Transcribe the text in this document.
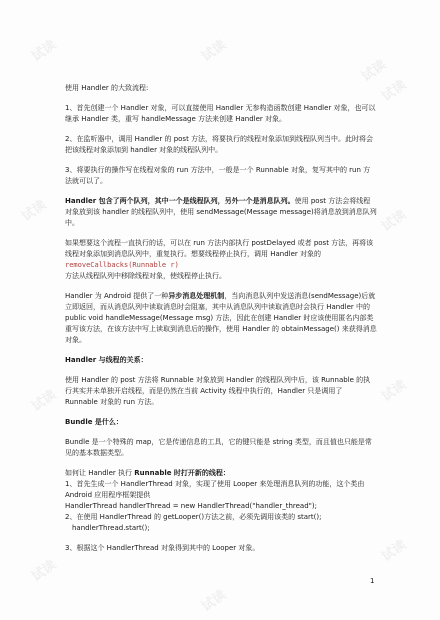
试读	试读
试读
试读	试读
试读	试读
试读
试读
试读
试读

使用 Handler 的大致流程:

1、首先创建一个 Handler 对象，可以直接使用 Handler 无参构造函数创建 Handler 对象，也可以继承 Handler 类，重写 handleMessage 方法来创建 Handler 对象。

2、在监听器中，调用 Handler 的 post 方法，将要执行的线程对象添加到线程队列当中。此时将会把该线程对象添加到 handler 对象的线程队列中。

3、将要执行的操作写在线程对象的 run 方法中，一般是一个 Runnable 对象，复写其中的 run 方法就可以了。

Handler 包含了两个队列，其中一个是线程队列，另外一个是消息队列。使用 post 方法会将线程对象放到该 handler 的线程队列中，使用 sendMessage(Message message)将消息放到消息队列中。

如果想要这个流程一直执行的话，可以在 run 方法内部执行 postDelayed 或者 post 方法，再将该线程对象添加到消息队列中，重复执行。想要线程停止执行，调用 Handler 对象的
removeCallbacks(Runnable r)
方法从线程队列中移除线程对象，使线程停止执行。

Handler 为 Android 提供了一种异步消息处理机制，当向消息队列中发送消息(sendMessage)后就立即返回，而从消息队列中读取消息时会阻塞，其中从消息队列中读取消息时会执行 Handler 中的 public void handleMessage(Message msg) 方法，因此在创建 Handler 时应该使用匿名内部类重写该方法，在该方法中写上读取到消息后的操作，使用 Handler 的 obtainMessage() 来获得消息对象。

Handler 与线程的关系：

使用 Handler 的 post 方法将 Runnable 对象放到 Handler 的线程队列中后，该 Runnable 的执行其实并未单独开启线程，而是仍然在当前 Activity 线程中执行的，Handler 只是调用了 Runnable 对象的 run 方法。

Bundle 是什么：

Bundle 是一个特殊的 map，它是传递信息的工具，它的键只能是 string 类型，而且值也只能是常见的基本数据类型。

如何让 Handler 执行 Runnable 时打开新的线程：

1、首先生成一个 HandlerThread 对象，实现了使用 Looper 来处理消息队列的功能，这个类由 Android 应用程序框架提供

HandlerThread handlerThread = new HandlerThread("handler_thread");

2、在使用 HandlerThread 的 getLooper()方法之前，必须先调用该类的 start();

handlerThread.start();

3、根据这个 HandlerThread 对象得到其中的 Looper 对象。

1
